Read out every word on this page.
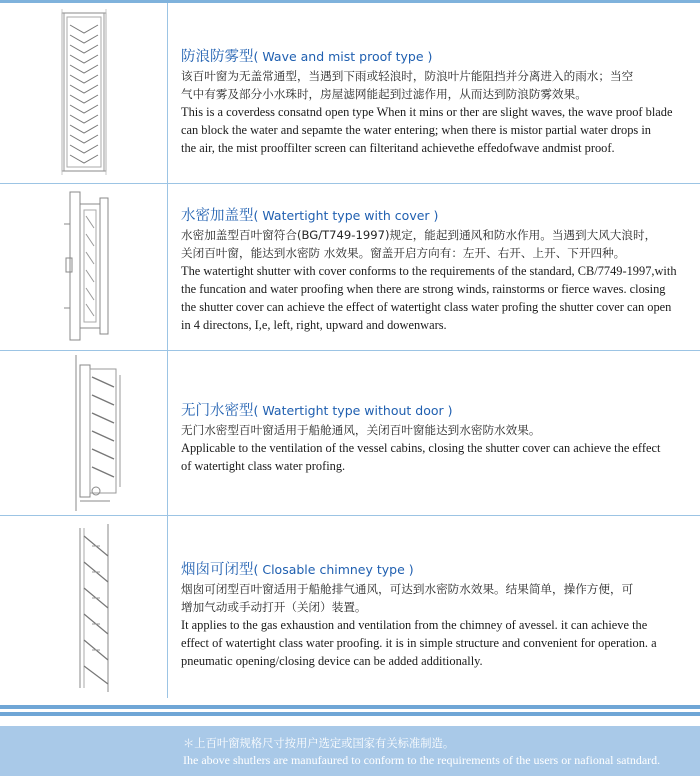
防浪防雾型( Wave and mist proof type )
该百叶窗为无盖常通型，当遇到下雨或轻浪时，防浪叶片能阻挡并分离进入的雨水；当空
气中有雾及部分小水珠时，房屋滤网能起到过滤作用，从而达到防浪防雾效果。
This is a coverdess consatnd open type When it mins or ther are slight waves, the wave proof blade
can block the water and sepamte the water entering; when there is mistor partial water drops in
the air, the mist prooffilter screen can filteritand achievethe effedofwave andmist proof.
水密加盖型( Watertight type with cover )
水密加盖型百叶窗符合(BG/T749-1997)规定，能起到通风和防水作用。当遇到大风大浪时，
关闭百叶窗，能达到水密防 水效果。窗盖开启方向有：左开、右开、上开、下开四种。
The watertight shutter with cover conforms to the requirements of the standard, CB/7749-1997,with
the funcation and water proofing when there are strong winds, rainstorms or fierce waves. closing
the shutter cover can achieve the effect of watertight class water profing the shutter cover can open
in 4 directons, I,e, left, right, upward and dowenwars.
无门水密型( Watertight type without door )
无门水密型百叶窗适用于船舱通风，关闭百叶窗能达到水密防水效果。
Applicable to the ventilation of the vessel cabins, closing the shutter cover can achieve the effect
of watertight class water profing.
烟囱可闭型( Closable chimney type )
烟囱可闭型百叶窗适用于船舱排气通风，可达到水密防水效果。结果简单，操作方便，可
增加气动或手动打开（关闭）装置。
It applies to the gas exhaustion and ventilation from the chimney of avessel. it can achieve the
effect of watertight class water proofing. it is in simple structure and convenient for operation. a
pneumatic opening/closing device can be added additionally.
＊上百叶窗规格尺寸按用户选定或国家有关标准制造。
Ihe above shutlers are manufaured to conform to the requirements of the users or nafional satndard.
